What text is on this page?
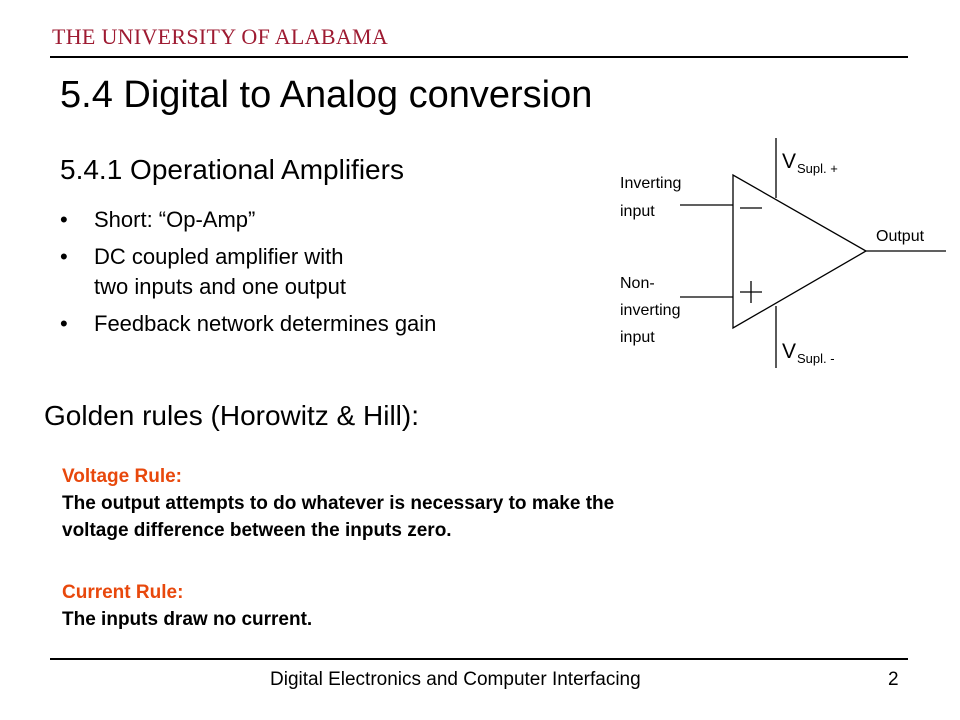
THE UNIVERSITY OF ALABAMA
5.4 Digital to Analog conversion
5.4.1 Operational Amplifiers
• Short: “Op-Amp”
• DC coupled amplifier with
two inputs and one output
• Feedback network determines gain
$V_{Supl. +}$
$V_{Supl. -}$
Inverting input
Non- inverting input
Output
Golden rules (Horowitz & Hill):
Voltage Rule:
The output attempts to do whatever is necessary to make the
voltage difference between the inputs zero.
Current Rule:
The inputs draw no current.
Digital Electronics and Computer Interfacing	2
